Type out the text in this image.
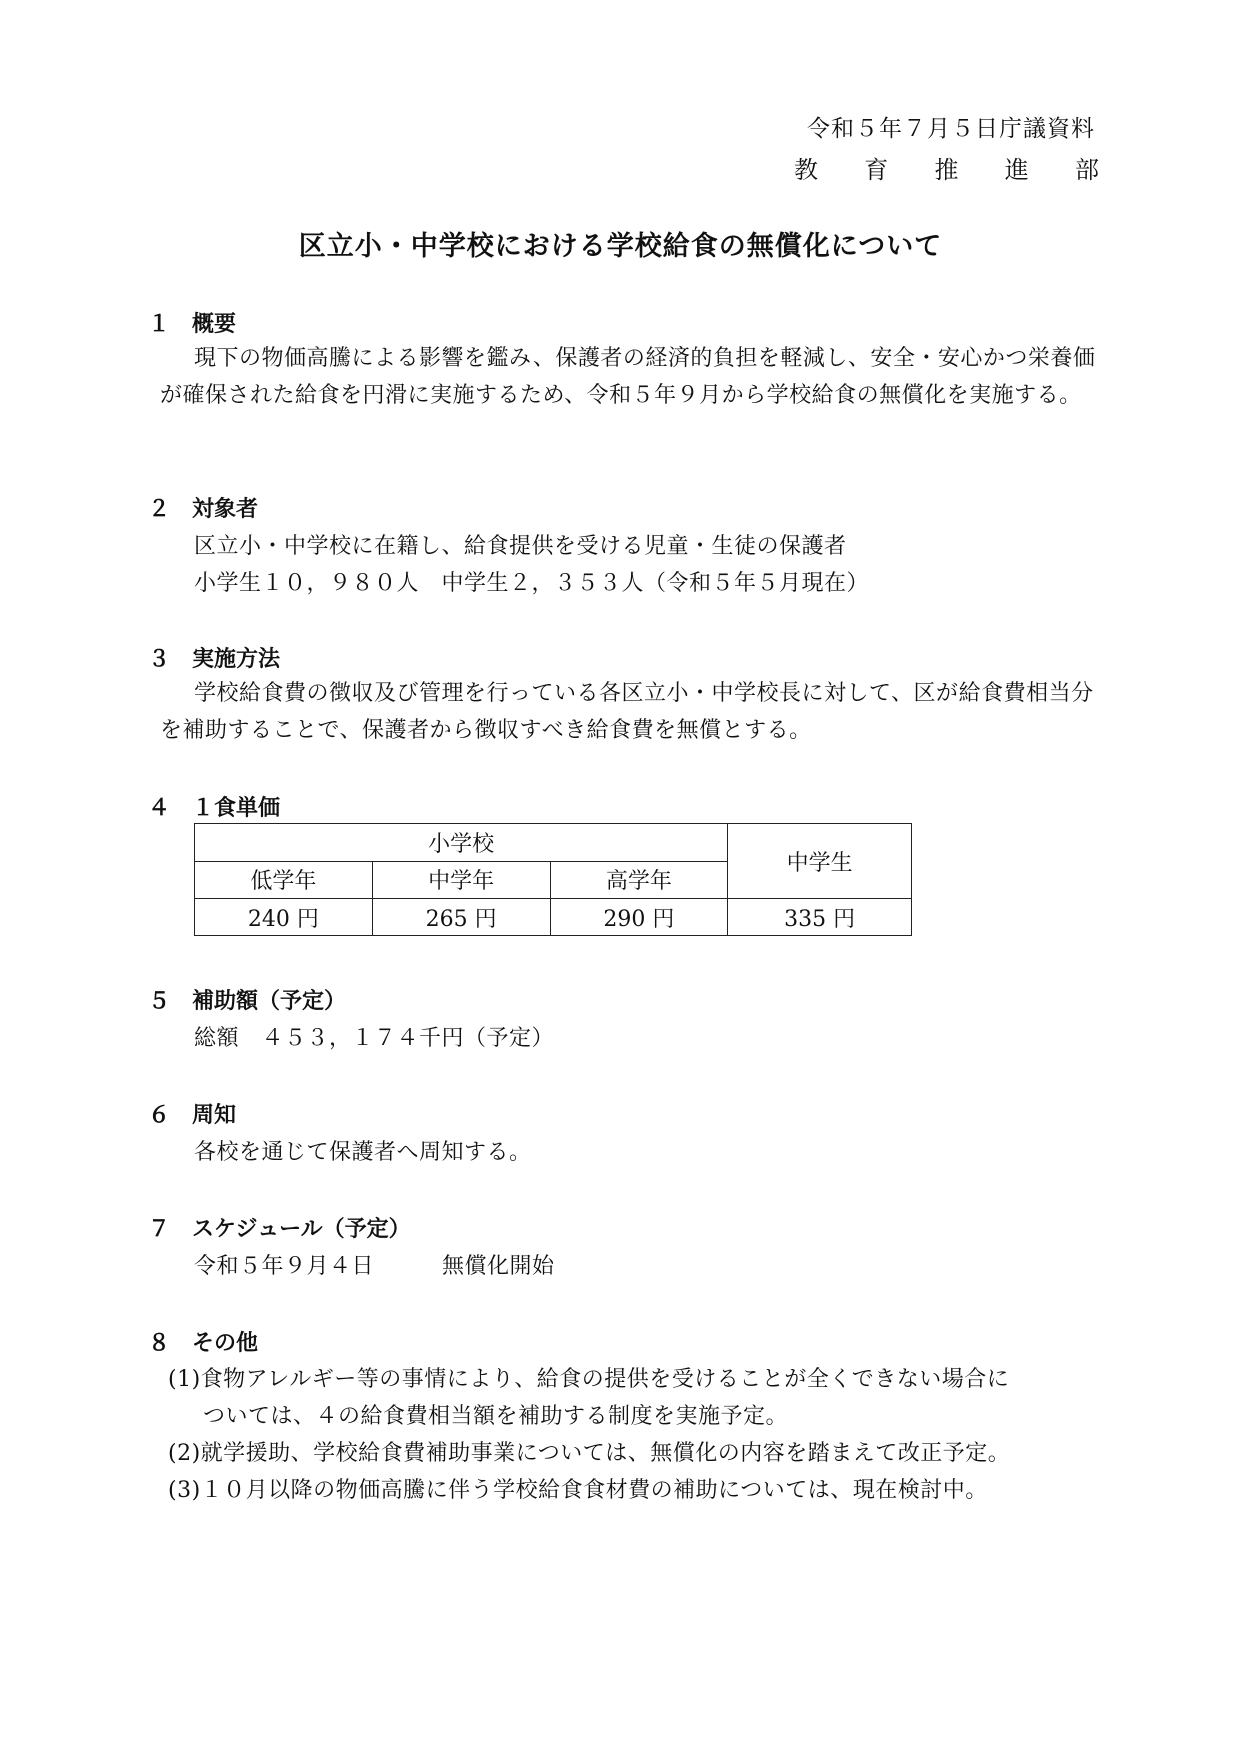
令和５年７月５日庁議資料
教 育 推 進 部
区立小・中学校における学校給食の無償化について
１ 概要
現下の物価高騰による影響を鑑み、保護者の経済的負担を軽減し、安全・安心かつ栄養価が確保された給食を円滑に実施するため、令和５年９月から学校給食の無償化を実施する。
２ 対象者
区立小・中学校に在籍し、給食提供を受ける児童・生徒の保護者
小学生１０，９８０人　中学生２，３５３人（令和５年５月現在）
３ 実施方法
学校給食費の徴収及び管理を行っている各区立小・中学校長に対して、区が給食費相当分を補助することで、保護者から徴収すべき給食費を無償とする。
４ １食単価
小学校			中学生
低学年	中学年	高学年	
240 円	265 円	290 円	335 円
５ 補助額（予定）
総額　４５３，１７４千円（予定）
６ 周知
各校を通じて保護者へ周知する。
７ スケジュール（予定）
令和５年９月４日	無償化開始
８ その他
(1)食物アレルギー等の事情により、給食の提供を受けることが全くできない場合に
ついては、４の給食費相当額を補助する制度を実施予定。
(2)就学援助、学校給食費補助事業については、無償化の内容を踏まえて改正予定。
(3)１０月以降の物価高騰に伴う学校給食食材費の補助については、現在検討中。
